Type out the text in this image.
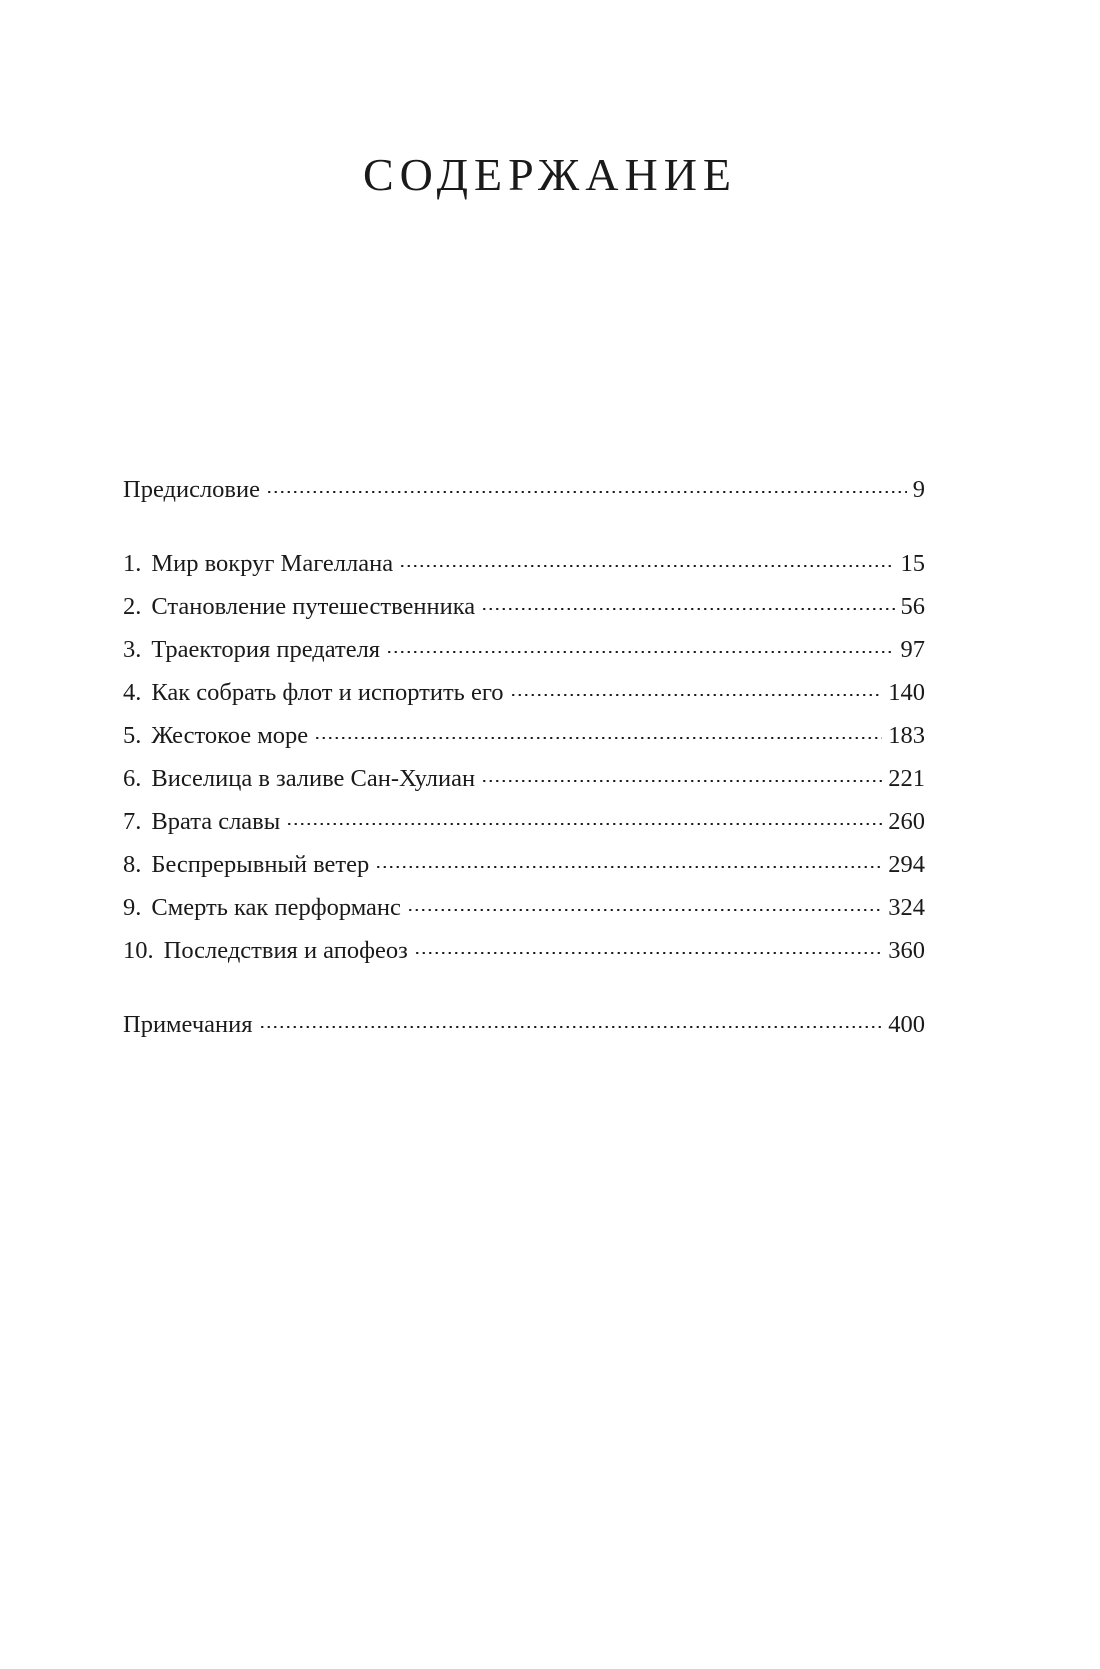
СОДЕРЖАНИЕ
Предисловие	9
1. Мир вокруг Магеллана	15
2. Становление путешественника	56
3. Траектория предателя	97
4. Как собрать флот и испортить его	140
5. Жестокое море	183
6. Виселица в заливе Сан-Хулиан	221
7. Врата славы	260
8. Беспрерывный ветер	294
9. Смерть как перформанс	324
10. Последствия и апофеоз	360
Примечания	400
